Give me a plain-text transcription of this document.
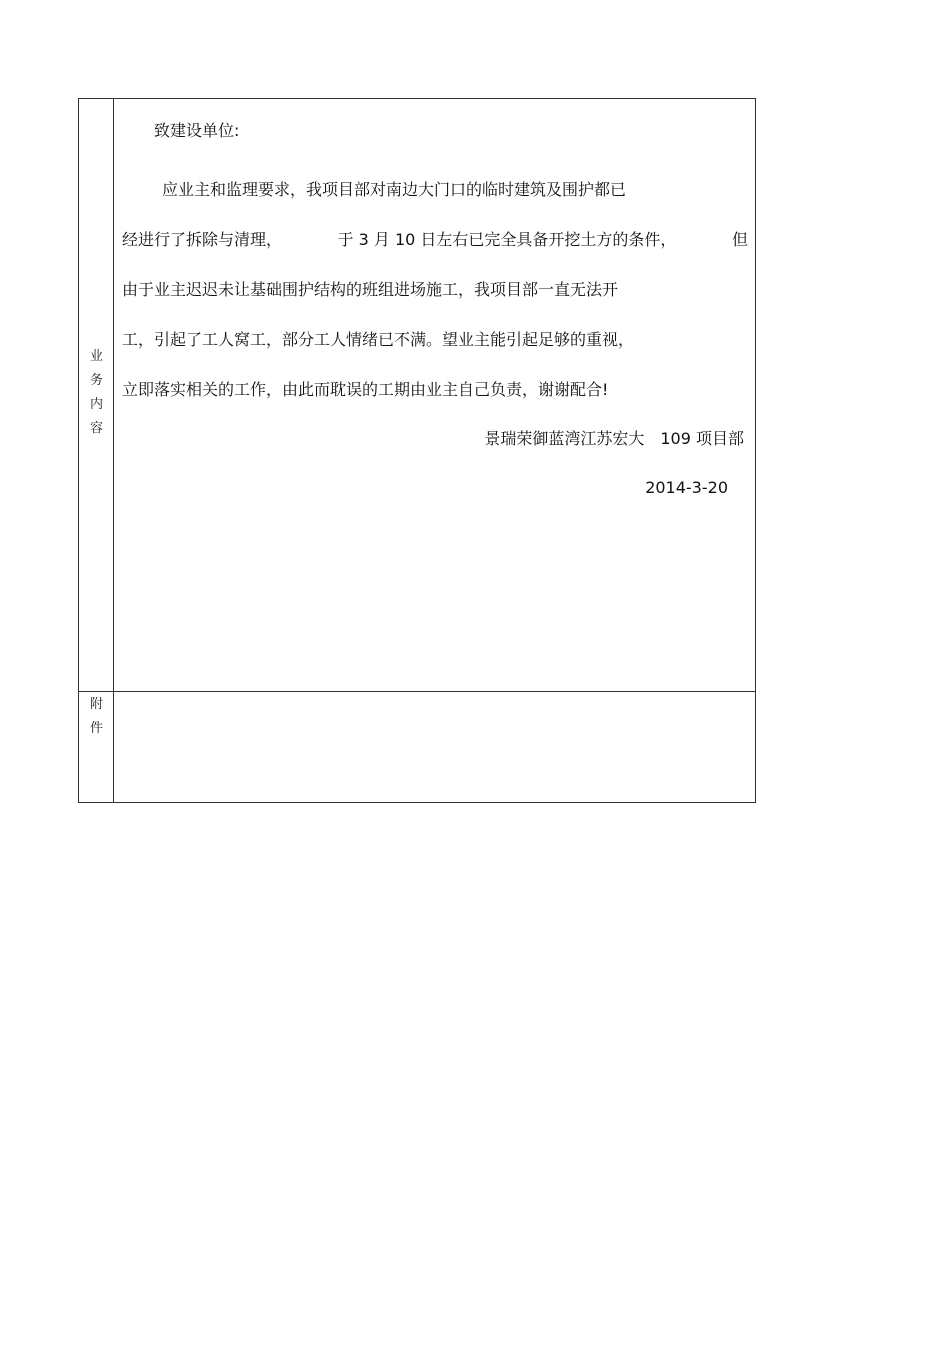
业
务
内
容
附
件
致建设单位:
应业主和监理要求，我项目部对南边大门口的临时建筑及围护都已
经进行了拆除与清理，	于 3 月 10 日左右已完全具备开挖土方的条件，	但
由于业主迟迟未让基础围护结构的班组进场施工，我项目部一直无法开
工，引起了工人窝工，部分工人情绪已不满。望业主能引起足够的重视，
立即落实相关的工作，由此而耽误的工期由业主自己负责，谢谢配合!
景瑞荣御蓝湾江苏宏大　109 项目部
2014-3-20
